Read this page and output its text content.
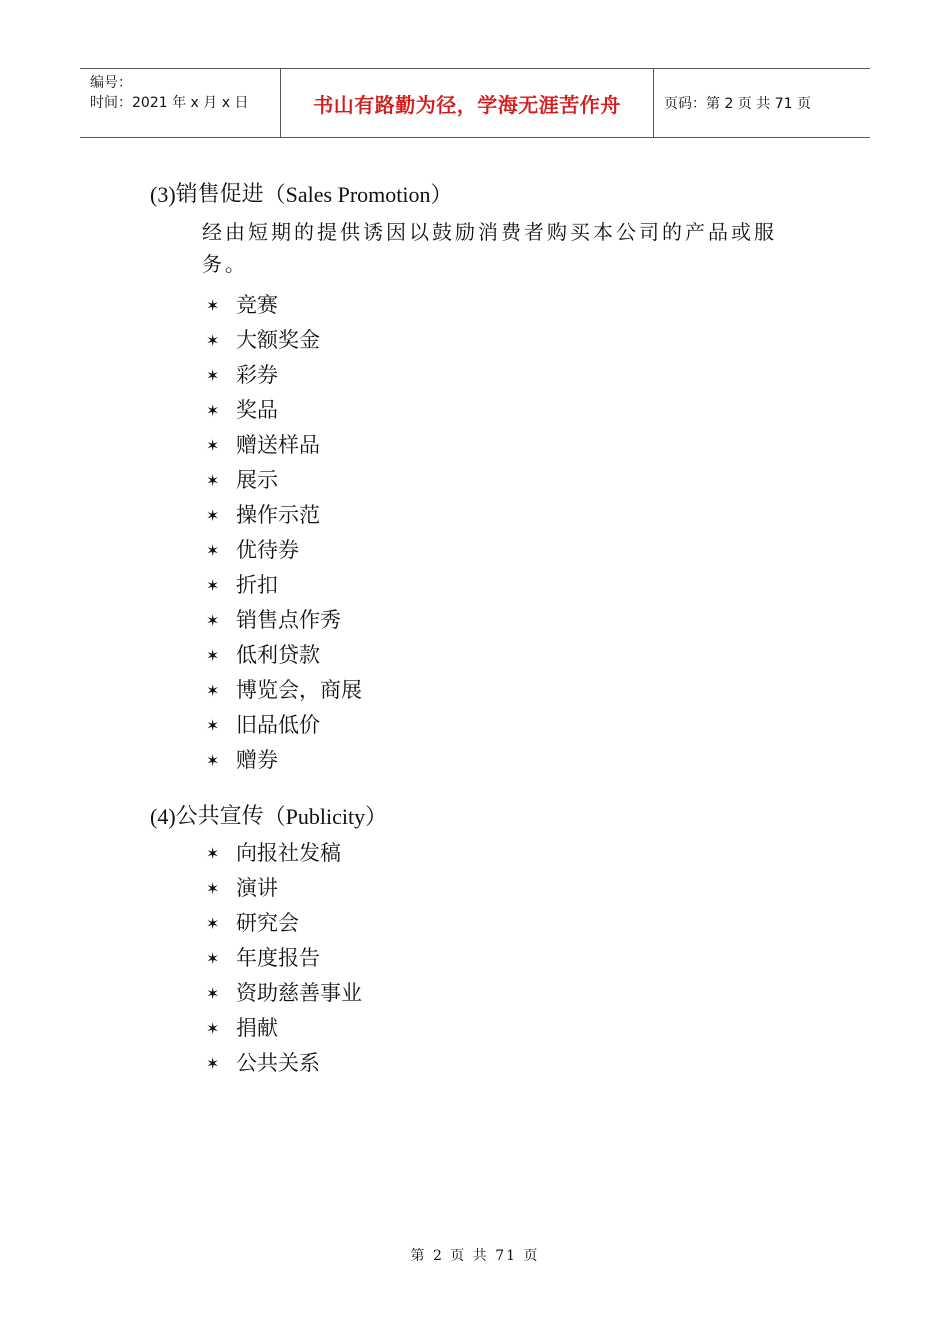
编号：
时间：2021 年 x 月 x 日	书山有路勤为径，学海无涯苦作舟	页码：第 2 页 共 71 页
(3) 销售促进 （Sales Promotion）
经由短期的提供诱因以鼓励消费者购买本公司的产品或服务。
✶ 竞赛
✶ 大额奖金
✶ 彩券
✶ 奖品
✶ 赠送样品
✶ 展示
✶ 操作示范
✶ 优待券
✶ 折扣
✶ 销售点作秀
✶ 低利贷款
✶ 博览会，商展
✶ 旧品低价
✶ 赠券
(4) 公共宣传 （Publicity）
✶ 向报社发稿
✶ 演讲
✶ 研究会
✶ 年度报告
✶ 资助慈善事业
✶ 捐献
✶ 公共关系
第 2 页 共 71 页
